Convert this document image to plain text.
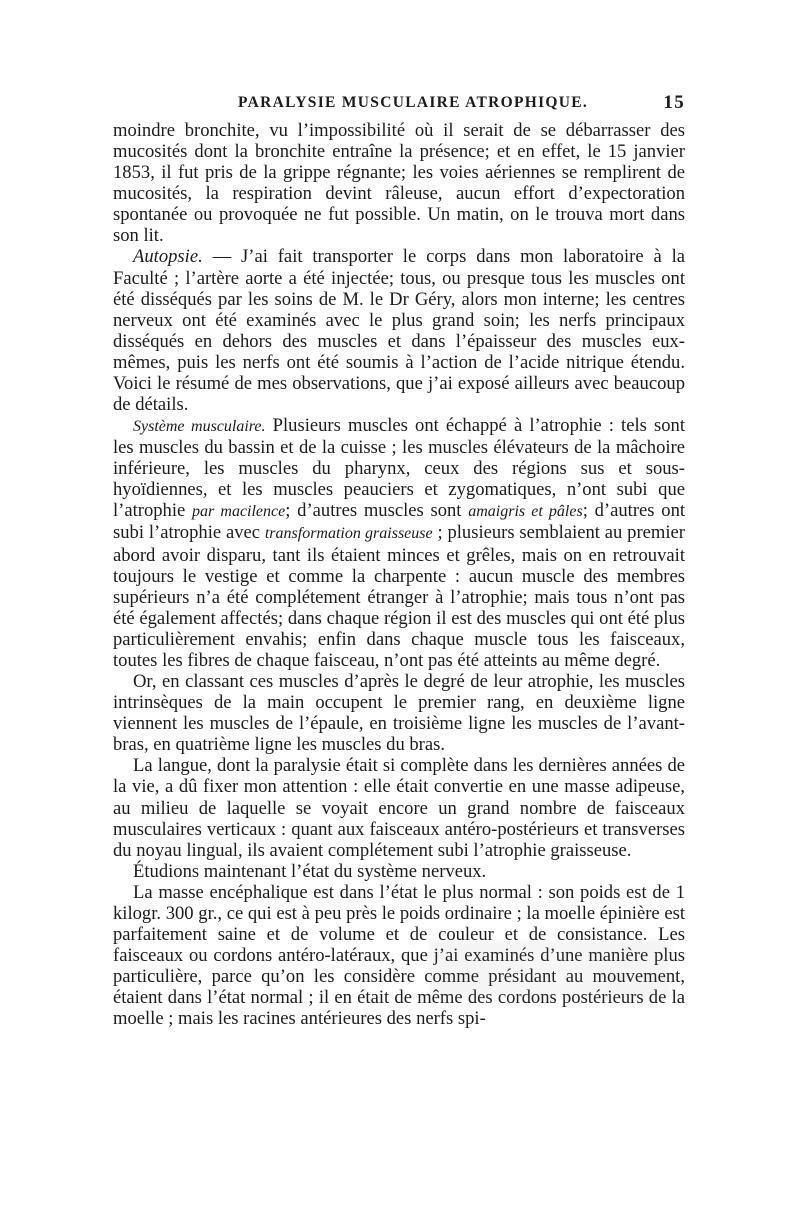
PARALYSIE MUSCULAIRE ATROPHIQUE.	15

moindre bronchite, vu l’impossibilité où il serait de se débarrasser des mucosités dont la bronchite entraîne la présence; et en effet, le 15 janvier 1853, il fut pris de la grippe régnante; les voies aériennes se remplirent de mucosités, la respiration devint râleuse, aucun effort d’expectoration spontanée ou provoquée ne fut possible. Un matin, on le trouva mort dans son lit.

Autopsie. — J’ai fait transporter le corps dans mon laboratoire à la Faculté ; l’artère aorte a été injectée; tous, ou presque tous les muscles ont été disséqués par les soins de M. le Dr Géry, alors mon interne; les centres nerveux ont été examinés avec le plus grand soin; les nerfs principaux disséqués en dehors des muscles et dans l’épaisseur des muscles eux-mêmes, puis les nerfs ont été soumis à l’action de l’acide nitrique étendu. Voici le résumé de mes observations, que j’ai exposé ailleurs avec beaucoup de détails.

Système musculaire. Plusieurs muscles ont échappé à l’atrophie : tels sont les muscles du bassin et de la cuisse ; les muscles élévateurs de la mâchoire inférieure, les muscles du pharynx, ceux des régions sus et sous-hyoïdiennes, et les muscles peauciers et zygomatiques, n’ont subi que l’atrophie par macilence; d’autres muscles sont amaigris et pâles; d’autres ont subi l’atrophie avec transformation graisseuse ; plusieurs semblaient au premier abord avoir disparu, tant ils étaient minces et grêles, mais on en retrouvait toujours le vestige et comme la charpente : aucun muscle des membres supérieurs n’a été complétement étranger à l’atrophie; mais tous n’ont pas été également affectés; dans chaque région il est des muscles qui ont été plus particulièrement envahis; enfin dans chaque muscle tous les faisceaux, toutes les fibres de chaque faisceau, n’ont pas été atteints au même degré.

Or, en classant ces muscles d’après le degré de leur atrophie, les muscles intrinsèques de la main occupent le premier rang, en deuxième ligne viennent les muscles de l’épaule, en troisième ligne les muscles de l’avant-bras, en quatrième ligne les muscles du bras.

La langue, dont la paralysie était si complète dans les dernières années de la vie, a dû fixer mon attention : elle était convertie en une masse adipeuse, au milieu de laquelle se voyait encore un grand nombre de faisceaux musculaires verticaux : quant aux faisceaux antéro-postérieurs et transverses du noyau lingual, ils avaient complétement subi l’atrophie graisseuse.

Étudions maintenant l’état du système nerveux.

La masse encéphalique est dans l’état le plus normal : son poids est de 1 kilogr. 300 gr., ce qui est à peu près le poids ordinaire ; la moelle épinière est parfaitement saine et de volume et de couleur et de consistance. Les faisceaux ou cordons antéro-latéraux, que j’ai examinés d’une manière plus particulière, parce qu’on les considère comme présidant au mouvement, étaient dans l’état normal ; il en était de même des cordons postérieurs de la moelle ; mais les racines antérieures des nerfs spi-
